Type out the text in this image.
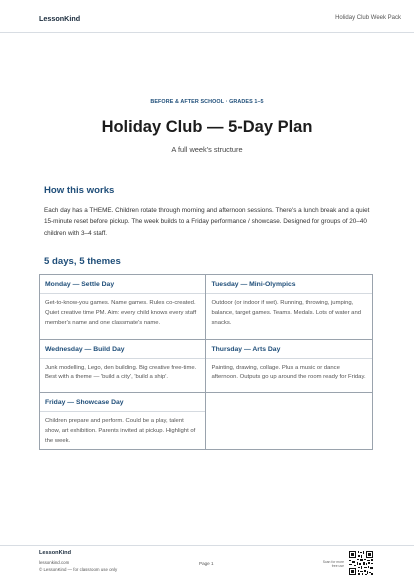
LessonKind	Holiday Club Week Pack
BEFORE & AFTER SCHOOL · GRADES 1–5
Holiday Club — 5-Day Plan
A full week's structure
How this works
Each day has a THEME. Children rotate through morning and afternoon sessions. There's a lunch break and a quiet 15-minute reset before pickup. The week builds to a Friday performance / showcase. Designed for groups of 20–40 children with 3–4 staff.
5 days, 5 themes
Monday — Settle Day
Get-to-know-you games. Name games. Rules co-created. Quiet creative time PM. Aim: every child knows every staff member's name and one classmate's name.
Tuesday — Mini-Olympics
Outdoor (or indoor if wet). Running, throwing, jumping, balance, target games. Teams. Medals. Lots of water and snacks.
Wednesday — Build Day
Junk modelling, Lego, den building. Big creative free-time. Best with a theme — 'build a city', 'build a ship'.
Thursday — Arts Day
Painting, drawing, collage. Plus a music or dance afternoon. Outputs go up around the room ready for Friday.
Friday — Showcase Day
Children prepare and perform. Could be a play, talent show, art exhibition. Parents invited at pickup. Highlight of the week.
LessonKind
lessonkind.com
© LessonKind — for classroom use only
Page 1	Scan for more free use
